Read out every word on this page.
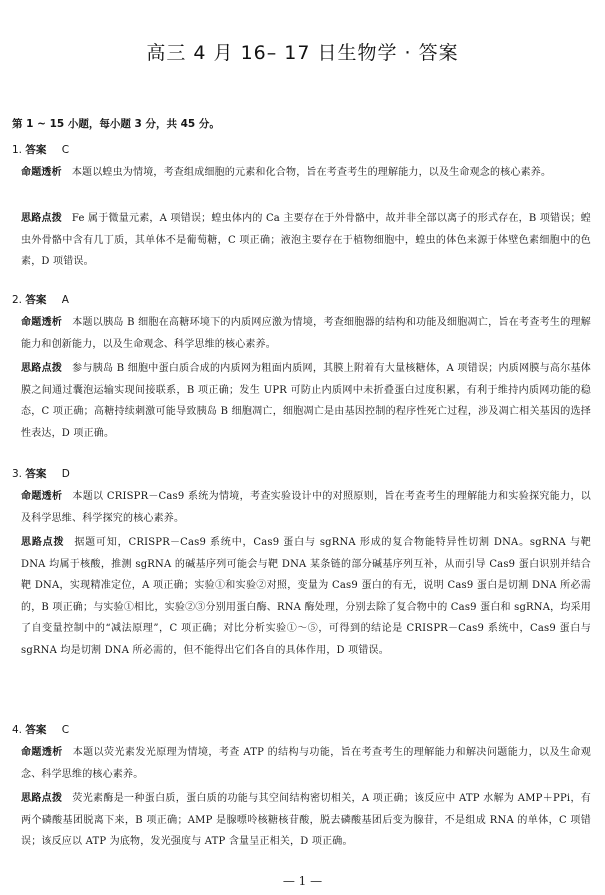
高三 4 月 16– 17 日生物学 · 答案
第 1 ~ 15 小题，每小题 3 分，共 45 分。
1. 答案 C
命题透析 本题以蝗虫为情境，考查组成细胞的元素和化合物，旨在考查考生的理解能力，以及生命观念的核心素养。
思路点拨 Fe 属于微量元素，A 项错误；蝗虫体内的 Ca 主要存在于外骨骼中，故并非全部以离子的形式存在，B 项错误；蝗虫外骨骼中含有几丁质，其单体不是葡萄糖，C 项正确；液泡主要存在于植物细胞中，蝗虫的体色来源于体壁色素细胞中的色素，D 项错误。
2. 答案 A
命题透析 本题以胰岛 B 细胞在高糖环境下的内质网应激为情境，考查细胞器的结构和功能及细胞凋亡，旨在考查考生的理解能力和创新能力，以及生命观念、科学思维的核心素养。
思路点拨 参与胰岛 B 细胞中蛋白质合成的内质网为粗面内质网，其膜上附着有大量核糖体，A 项错误；内质网膜与高尔基体膜之间通过囊泡运输实现间接联系，B 项正确；发生 UPR 可防止内质网中未折叠蛋白过度积累，有利于维持内质网功能的稳态，C 项正确；高糖持续刺激可能导致胰岛 B 细胞凋亡，细胞凋亡是由基因控制的程序性死亡过程，涉及凋亡相关基因的选择性表达，D 项正确。
3. 答案 D
命题透析 本题以 CRISPR－Cas9 系统为情境，考查实验设计中的对照原则，旨在考查考生的理解能力和实验探究能力，以及科学思维、科学探究的核心素养。
思路点拨 据题可知，CRISPR－Cas9 系统中，Cas9 蛋白与 sgRNA 形成的复合物能特异性切割 DNA。sgRNA 与靶 DNA 均属于核酸，推测 sgRNA 的碱基序列可能会与靶 DNA 某条链的部分碱基序列互补，从而引导 Cas9 蛋白识别并结合靶 DNA，实现精准定位，A 项正确；实验①和实验②对照，变量为 Cas9 蛋白的有无，说明 Cas9 蛋白是切割 DNA 所必需的，B 项正确；与实验①相比，实验②③分别用蛋白酶、RNA 酶处理，分别去除了复合物中的 Cas9 蛋白和 sgRNA，均采用了自变量控制中的“减法原理”，C 项正确；对比分析实验①～⑤，可得到的结论是 CRISPR－Cas9 系统中，Cas9 蛋白与 sgRNA 均是切割 DNA 所必需的，但不能得出它们各自的具体作用，D 项错误。
4. 答案 C
命题透析 本题以荧光素发光原理为情境，考查 ATP 的结构与功能，旨在考查考生的理解能力和解决问题能力，以及生命观念、科学思维的核心素养。
思路点拨 荧光素酶是一种蛋白质，蛋白质的功能与其空间结构密切相关，A 项正确；该反应中 ATP 水解为 AMP＋PPi，有两个磷酸基团脱离下来，B 项正确；AMP 是腺嘌呤核糖核苷酸，脱去磷酸基团后变为腺苷，不是组成 RNA 的单体，C 项错误；该反应以 ATP 为底物，发光强度与 ATP 含量呈正相关，D 项正确。
— 1 —
